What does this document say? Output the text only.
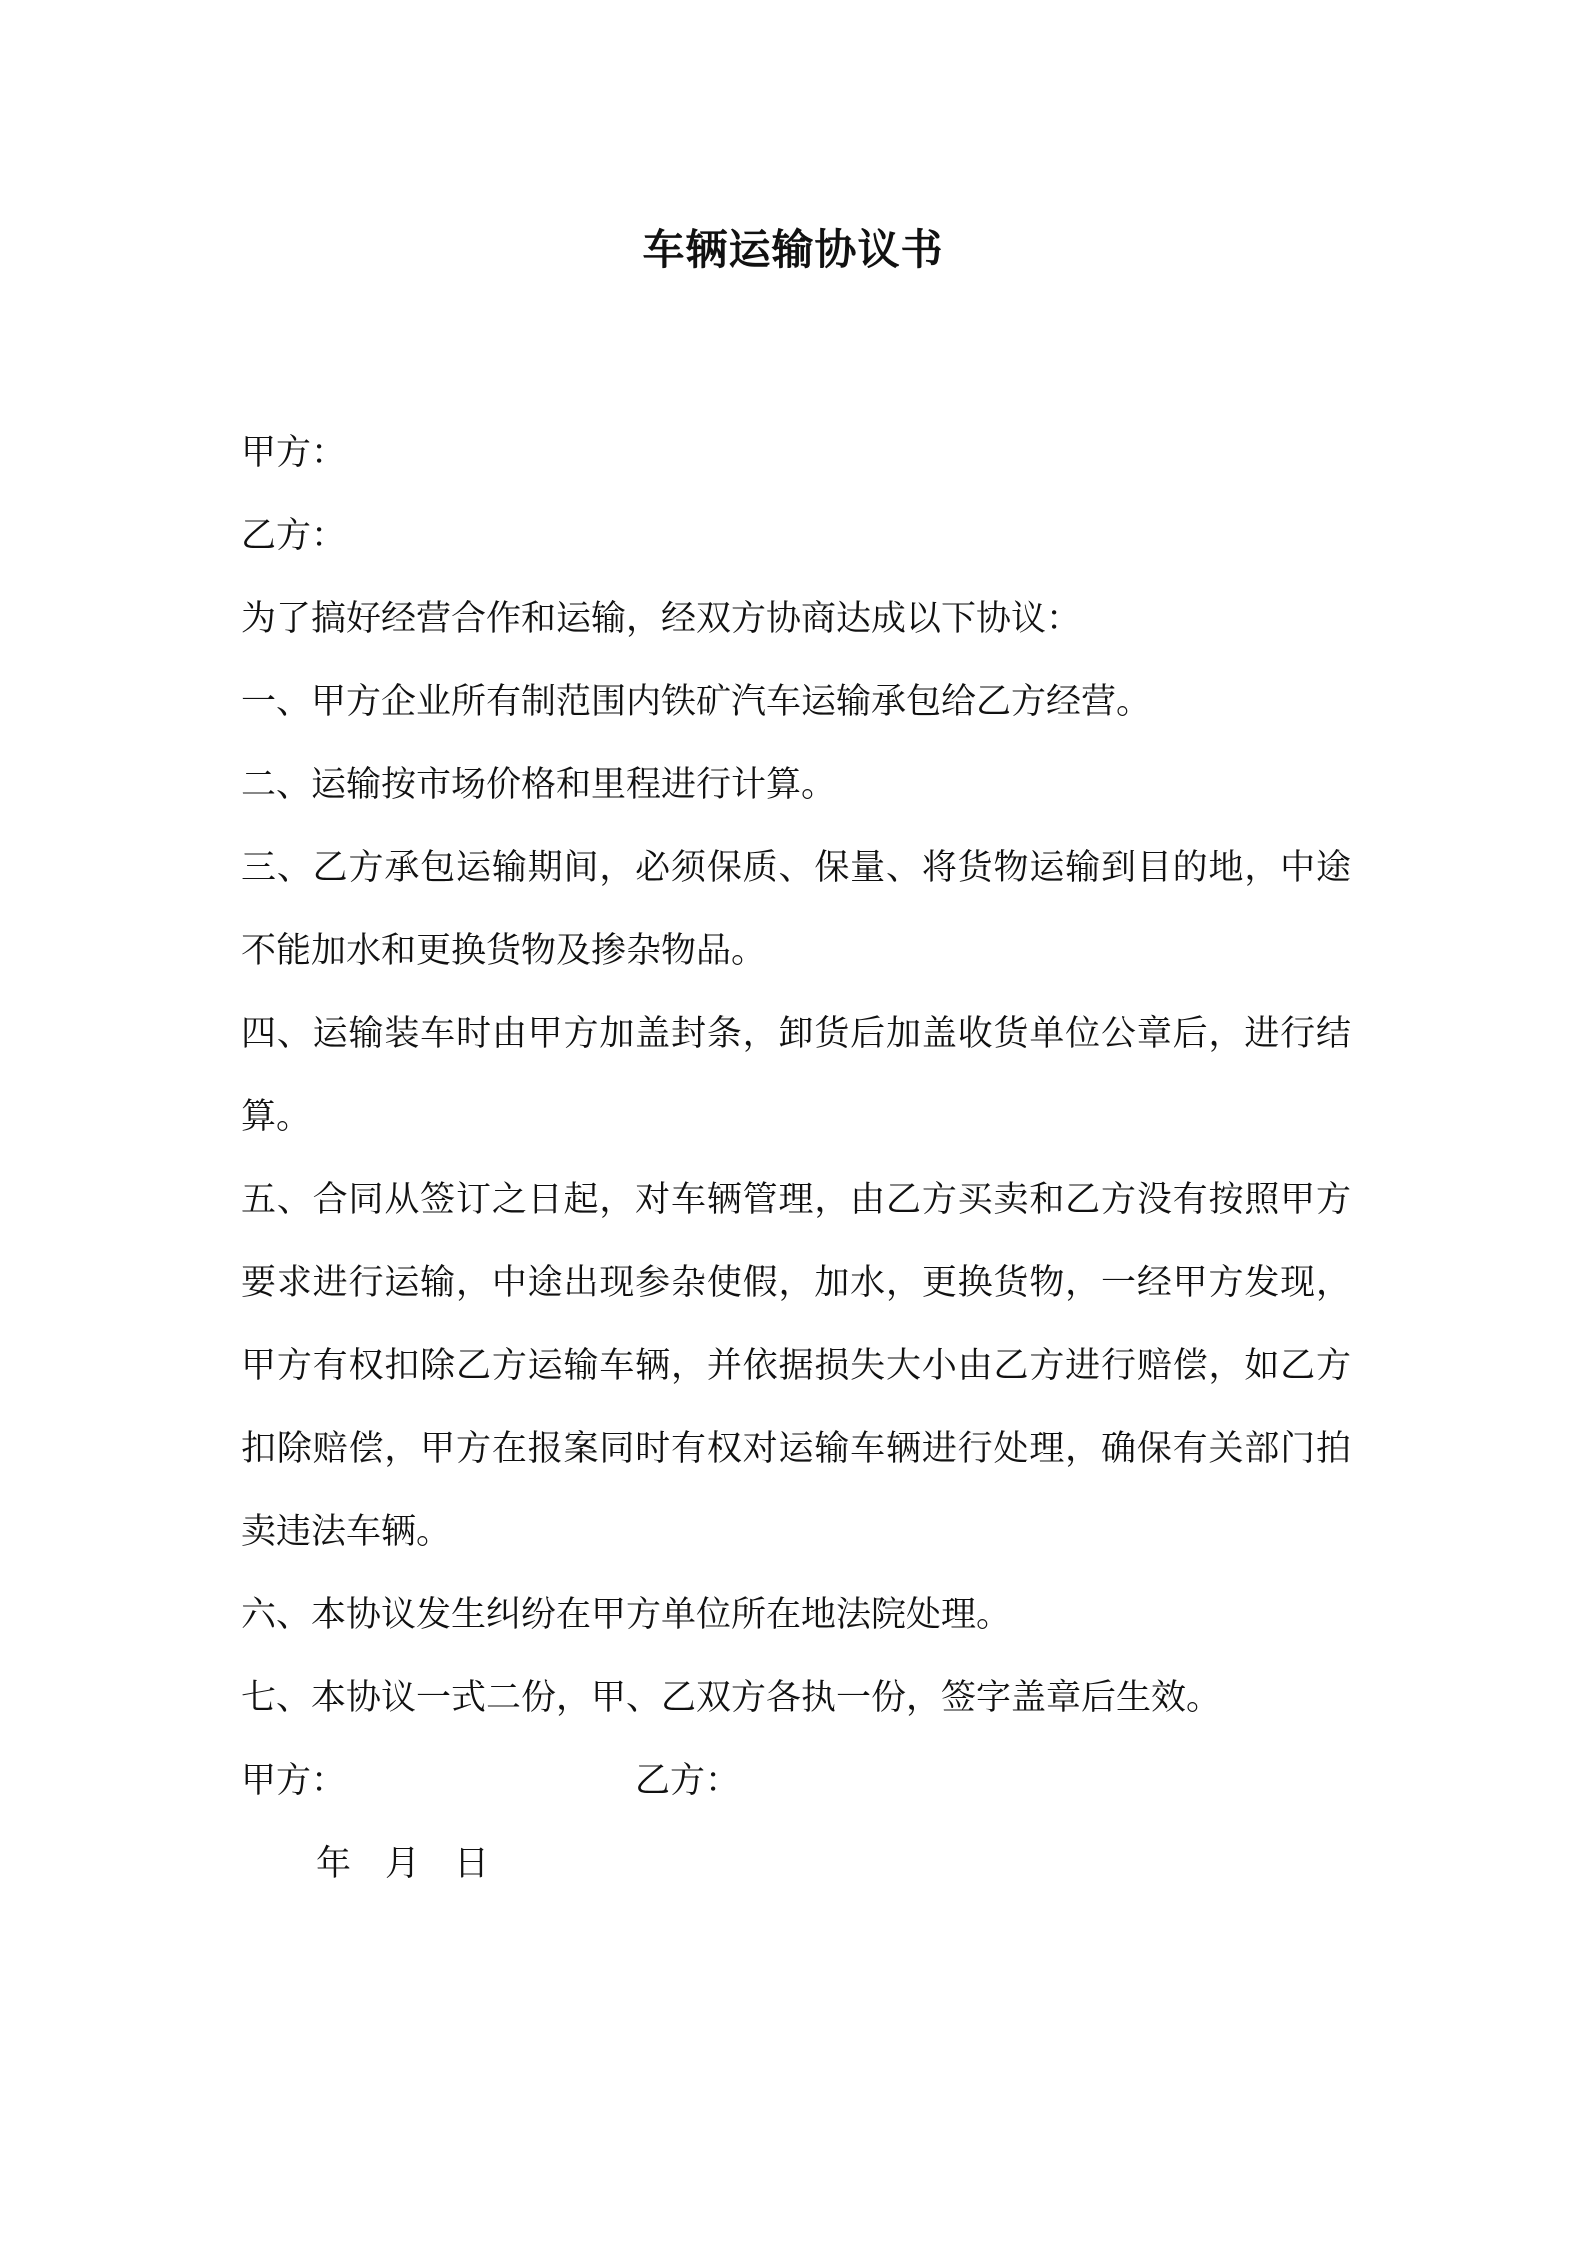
车辆运输协议书

甲方：

乙方：

为了搞好经营合作和运输，经双方协商达成以下协议：

一、甲方企业所有制范围内铁矿汽车运输承包给乙方经营。

二、运输按市场价格和里程进行计算。

三、乙方承包运输期间，必须保质、保量、将货物运输到目的地，中途不能加水和更换货物及掺杂物品。

四、运输装车时由甲方加盖封条，卸货后加盖收货单位公章后，进行结算。

五、合同从签订之日起，对车辆管理，由乙方买卖和乙方没有按照甲方要求进行运输，中途出现参杂使假，加水，更换货物，一经甲方发现，甲方有权扣除乙方运输车辆，并依据损失大小由乙方进行赔偿，如乙方扣除赔偿，甲方在报案同时有权对运输车辆进行处理，确保有关部门拍卖违法车辆。

六、本协议发生纠纷在甲方单位所在地法院处理。

七、本协议一式二份，甲、乙双方各执一份，签字盖章后生效。

甲方：	乙方：
年 月 日
